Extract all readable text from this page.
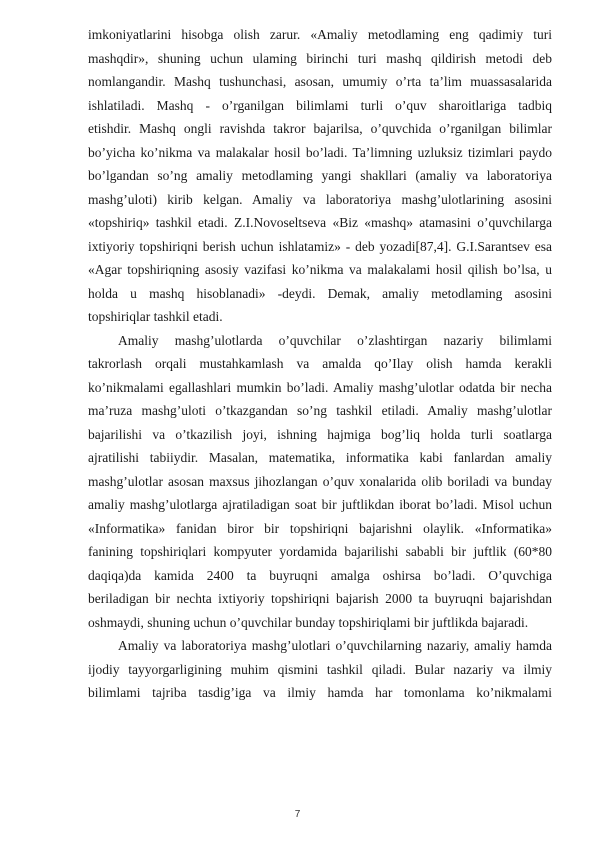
imkoniyatlarini hisobga olish zarur. «Amaliy metodlaming eng qadimiy turi
mashqdir», shuning uchun ulaming birinchi turi mashq qildirish metodi deb
nomlangandir. Mashq tushunchasi, asosan, umumiy o’rta ta’lim muassasalarida
ishlatiladi. Mashq - o’rganilgan bilimlami turli o’quv sharoitlariga tadbiq
etishdir. Mashq ongli ravishda takror bajarilsa, o’quvchida o’rganilgan bilimlar
bo’yicha ko’nikma va malakalar hosil bo’ladi. Ta’limning uzluksiz tizimlari paydo
bo’lgandan so’ng amaliy metodlaming yangi shakllari (amaliy va laboratoriya
mashg’uloti) kirib kelgan. Amaliy va laboratoriya mashg’ulotlarining asosini
«topshiriq» tashkil etadi. Z.I.Novoseltseva «Biz «mashq» atamasini o’quvchilarga
ixtiyoriy topshiriqni berish uchun ishlatamiz» - deb yozadi[87,4]. G.I.Sarantsev esa
«Agar topshiriqning asosiy vazifasi ko’nikma va malakalami hosil qilish bo’lsa, u
holda u mashq hisoblanadi» -deydi. Demak, amaliy metodlaming asosini
topshiriqlar tashkil etadi.
Amaliy mashg’ulotlarda o’quvchilar o’zlashtirgan nazariy bilimlami
takrorlash orqali mustahkamlash va amalda qo’Ilay olish hamda kerakli
ko’nikmalami egallashlari mumkin bo’ladi. Amaliy mashg’ulotlar odatda bir necha
ma’ruza mashg’uloti o’tkazgandan so’ng tashkil etiladi. Amaliy mashg’ulotlar
bajarilishi va o’tkazilish joyi, ishning hajmiga bog’liq holda turli soatlarga
ajratilishi tabiiydir. Masalan, matematika, informatika kabi fanlardan amaliy
mashg’ulotlar asosan maxsus jihozlangan o’quv xonalarida olib boriladi va bunday
amaliy mashg’ulotlarga ajratiladigan soat bir juftlikdan iborat bo’ladi. Misol uchun
«Informatika» fanidan biror bir topshiriqni bajarishni olaylik. «Informatika»
fanining topshiriqlari kompyuter yordamida bajarilishi sababli bir juftlik (60*80
daqiqa)da kamida 2400 ta buyruqni amalga oshirsa bo’ladi. O’quvchiga
beriladigan bir nechta ixtiyoriy topshiriqni bajarish 2000 ta buyruqni bajarishdan
oshmaydi, shuning uchun o’quvchilar bunday topshiriqlami bir juftlikda bajaradi.
Amaliy va laboratoriya mashg’ulotlari o’quvchilarning nazariy, amaliy hamda
ijodiy tayyorgarligining muhim qismini tashkil qiladi. Bular nazariy va ilmiy
bilimlami tajriba tasdig’iga va ilmiy hamda har tomonlama ko’nikmalami
7
